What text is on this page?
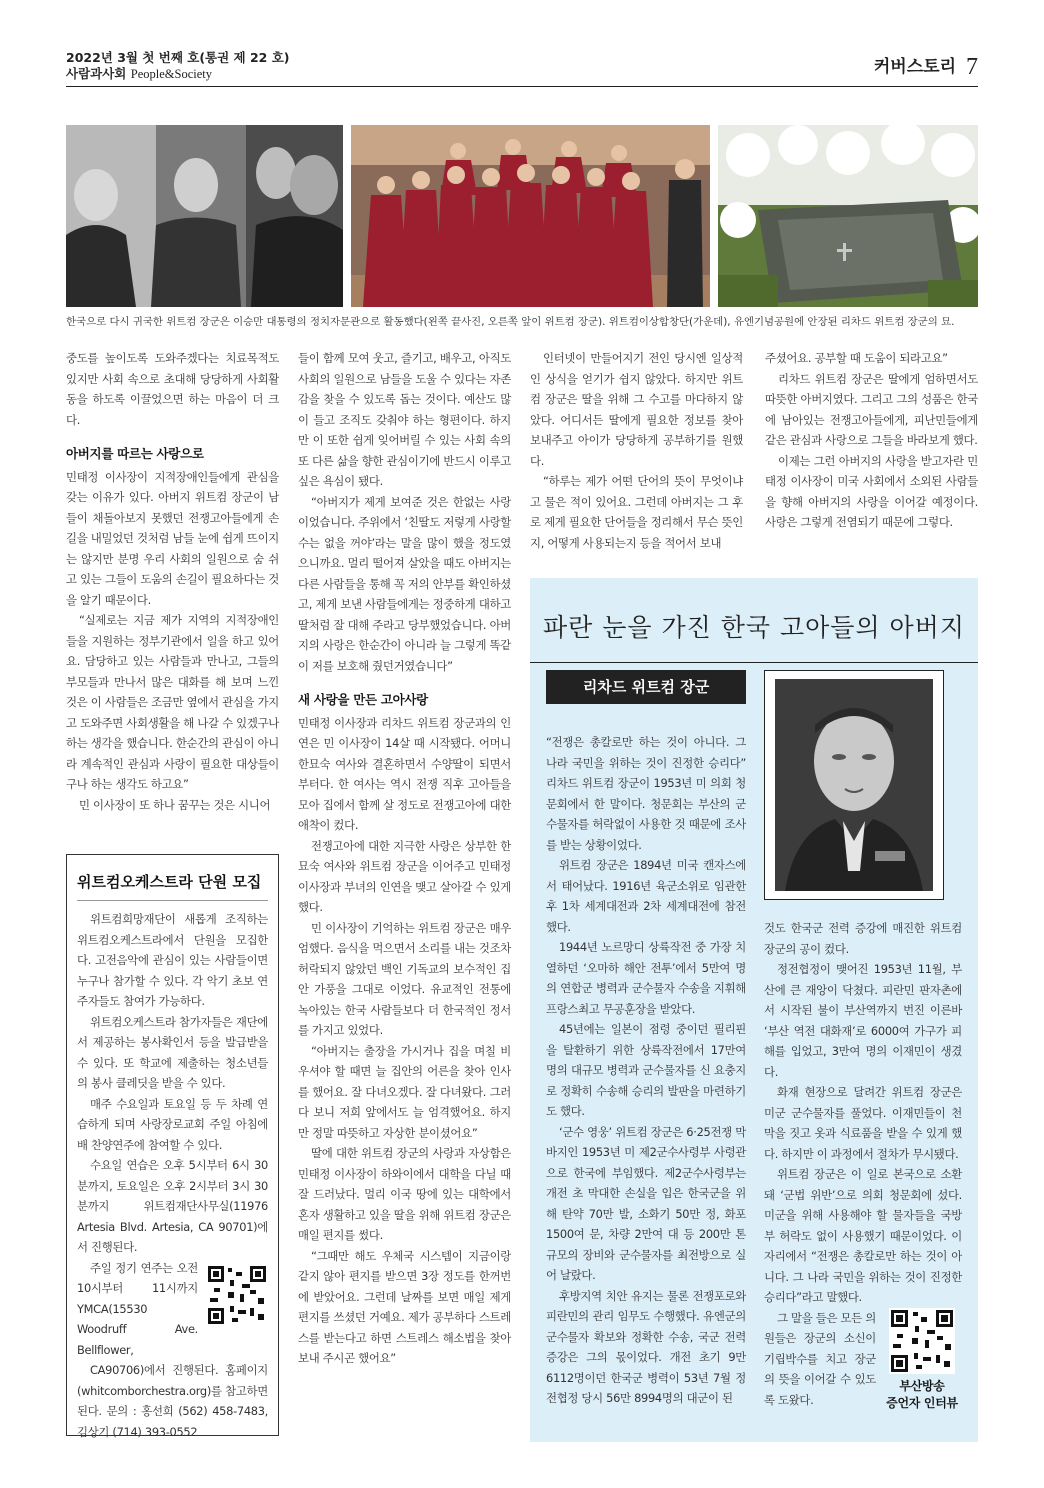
2022년 3월 첫 번째 호(통권 제 22 호)
사람과사회 People&Society	커버스토리 7
한국으로 다시 귀국한 위트컴 장군은 이승만 대통령의 정치자문관으로 활동했다(왼쪽 끝사진, 오른쪽 앞이 위트컴 장군). 위트컴이상합창단(가운데), 유엔기념공원에 안장된 리차드 위트컴 장군의 묘.

중도를 높이도록 도와주겠다는 치료목적도 있지만 사회 속으로 초대해 당당하게 사회활동을 하도록 이끌었으면 하는 마음이 더 크다.

아버지를 따르는 사랑으로

민태정 이사장이 지적장애인들에게 관심을 갖는 이유가 있다. 아버지 위트컴 장군이 남들이 채돌아보지 못했던 전쟁고아들에게 손길을 내밀었던 것처럼 남들 눈에 쉽게 뜨이지는 않지만 분명 우리 사회의 일원으로 숨 쉬고 있는 그들이 도움의 손길이 필요하다는 것을 알기 때문이다.

“실제로는 지금 제가 지역의 지적장애인들을 지원하는 정부기관에서 일을 하고 있어요. 담당하고 있는 사람들과 만나고, 그들의 부모들과 만나서 많은 대화를 해 보며 느낀 것은 이 사람들은 조금만 옆에서 관심을 가지고 도와주면 사회생활을 해 나갈 수 있겠구나 하는 생각을 했습니다. 한순간의 관심이 아니라 계속적인 관심과 사랑이 필요한 대상들이구나 하는 생각도 하고요”

민 이사장이 또 하나 꿈꾸는 것은 시니어

위트컴오케스트라 단원 모집

위트컴희망재단이 새롭게 조직하는 위트컴오케스트라에서 단원을 모집한다. 고전음악에 관심이 있는 사람들이면 누구나 참가할 수 있다. 각 악기 초보 연주자들도 참여가 가능하다.

위트컴오케스트라 참가자들은 재단에서 제공하는 봉사확인서 등을 발급받을 수 있다. 또 학교에 제출하는 청소년들의 봉사 클레딧을 받을 수 있다.

매주 수요일과 토요일 등 두 차례 연습하게 되며 사랑장로교회 주일 아침에 배 찬양연주에 참여할 수 있다.

수요일 연습은 오후 5시부터 6시 30분까지, 토요일은 오후 2시부터 3시 30분까지 위트컴재단사무실(11976 Artesia Blvd. Artesia, CA 90701)에서 진행된다.

주일 정기 연주는 오전 10시부터 11시까지 YMCA(15530 Woodruff Ave. Bellflower,

CA90706)에서 진행된다. 홈페이지(whitcomborchestra.org)를 참고하면 된다. 문의 : 홍선희 (562) 458-7483, 김상기 (714) 393-0552

들이 함께 모여 웃고, 즐기고, 배우고, 아직도 사회의 일원으로 남들을 도울 수 있다는 자존감을 찾을 수 있도록 돕는 것이다. 예산도 많이 들고 조직도 갖춰야 하는 형편이다. 하지만 이 또한 쉽게 잊어버릴 수 있는 사회 속의 또 다른 삶을 향한 관심이기에 반드시 이루고 싶은 욕심이 됐다.

“아버지가 제게 보여준 것은 한없는 사랑이었습니다. 주위에서 ‘친딸도 저렇게 사랑할 수는 없을 꺼야’라는 말을 많이 했을 정도였으니까요. 멀리 떨어져 살았을 때도 아버지는 다른 사람들을 통해 꼭 저의 안부를 확인하셨고, 제게 보낸 사람들에게는 정중하게 대하고 딸처럼 잘 대해 주라고 당부했었습니다. 아버지의 사랑은 한순간이 아니라 늘 그렇게 똑같이 저를 보호해 줬던거였습니다”

새 사랑을 만든 고아사랑

민태정 이사장과 리차드 위트컴 장군과의 인연은 민 이사장이 14살 때 시작됐다. 어머니 한묘숙 여사와 결혼하면서 수양딸이 되면서부터다. 한 여사는 역시 전쟁 직후 고아들을 모아 집에서 함께 살 정도로 전쟁고아에 대한 애착이 컸다.

전쟁고아에 대한 지극한 사랑은 상부한 한묘숙 여사와 위트컴 장군을 이어주고 민태정 이사장과 부녀의 인연을 맺고 살아갈 수 있게 했다.

민 이사장이 기억하는 위트컴 장군은 매우 엄했다. 음식을 먹으면서 소리를 내는 것조차 허락되지 않았던 백인 기독교의 보수적인 집안 가풍을 그대로 이었다. 유교적인 전통에 녹아있는 한국 사람들보다 더 한국적인 정서를 가지고 있었다.

“아버지는 출장을 가시거나 집을 며칠 비우셔야 할 때면 늘 집안의 어른을 찾아 인사를 했어요. 잘 다녀오겠다. 잘 다녀왔다. 그러다 보니 저희 앞에서도 늘 엄격했어요. 하지만 정말 따뜻하고 자상한 분이셨어요”

딸에 대한 위트컴 장군의 사랑과 자상함은 민태정 이사장이 하와이에서 대학을 다닐 때 잘 드러났다. 멀리 이국 땅에 있는 대학에서 혼자 생활하고 있을 딸을 위해 위트컴 장군은 매일 편지를 썼다.

“그때만 해도 우체국 시스템이 지금이랑 같지 않아 편지를 받으면 3장 정도를 한꺼번에 받았어요. 그런데 날짜를 보면 매일 제게 편지를 쓰셨던 거예요. 제가 공부하다 스트레스를 받는다고 하면 스트레스 해소법을 찾아보내 주시곤 했어요”

인터넷이 만들어지기 전인 당시엔 일상적인 상식을 얻기가 쉽지 않았다. 하지만 위트컴 장군은 딸을 위해 그 수고를 마다하지 않았다. 어디서든 딸에게 필요한 정보를 찾아 보내주고 아이가 당당하게 공부하기를 원했다.

“하루는 제가 어떤 단어의 뜻이 무엇이냐고 물은 적이 있어요. 그런데 아버지는 그 후로 제게 필요한 단어들을 정리해서 무슨 뜻인지, 어떻게 사용되는지 등을 적어서 보내

주셨어요. 공부할 때 도움이 되라고요”

리차드 위트컴 장군은 딸에게 엄하면서도 따뜻한 아버지였다. 그리고 그의 성품은 한국에 남아있는 전쟁고아들에게, 피난민들에게 같은 관심과 사랑으로 그들을 바라보게 했다.

이제는 그런 아버지의 사랑을 받고자란 민태정 이사장이 미국 사회에서 소외된 사람들을 향해 아버지의 사랑을 이어갈 예정이다. 사랑은 그렇게 전염되기 때문에 그렇다.

파란 눈을 가진 한국 고아들의 아버지
리차드 위트컴 장군

“전쟁은 총칼로만 하는 것이 아니다. 그 나라 국민을 위하는 것이 진정한 승리다” 리차드 위트컴 장군이 1953년 미 의회 청문회에서 한 말이다. 청문회는 부산의 군수물자를 허락없이 사용한 것 때문에 조사를 받는 상황이었다.

위트컴 장군은 1894년 미국 캔자스에서 태어났다. 1916년 육군소위로 임관한 후 1차 세계대전과 2차 세계대전에 참전했다.

1944년 노르망디 상륙작전 중 가장 치열하던 ‘오마하 해안 전투’에서 5만여 명의 연합군 병력과 군수물자 수송을 지휘해 프랑스최고 무공훈장을 받았다.

45년에는 일본이 점령 중이던 필리핀을 탈환하기 위한 상륙작전에서 17만여 명의 대규모 병력과 군수물자를 신 요충지로 정확히 수송해 승리의 발판을 마련하기도 했다.

‘군수 영웅’ 위트컴 장군은 6·25전쟁 막바지인 1953년 미 제2군수사령부 사령관으로 한국에 부임했다. 제2군수사령부는 개전 초 막대한 손실을 입은 한국군을 위해 탄약 70만 발, 소화기 50만 정, 화포 1500여 문, 차량 2만여 대 등 200만 톤 규모의 장비와 군수물자를 최전방으로 실어 날랐다.

후방지역 치안 유지는 물론 전쟁포로와 피란민의 관리 임무도 수행했다. 유엔군의 군수물자 확보와 정확한 수송, 국군 전력 증강은 그의 몫이었다. 개전 초기 9만 6112명이던 한국군 병력이 53년 7월 정전협정 당시 56만 8994명의 대군이 된

것도 한국군 전력 증강에 매진한 위트컴 장군의 공이 컸다.

정전협정이 맺어진 1953년 11월, 부산에 큰 재앙이 닥쳤다. 피란민 판자촌에서 시작된 불이 부산역까지 번진 이른바 ‘부산 역전 대화재’로 6000여 가구가 피해를 입었고, 3만여 명의 이재민이 생겼다.

화재 현장으로 달려간 위트컴 장군은 미군 군수물자를 풀었다. 이재민들이 천막을 짓고 옷과 식료품을 받을 수 있게 했다. 하지만 이 과정에서 절차가 무시됐다.

위트컴 장군은 이 일로 본국으로 소환돼 ‘군법 위반’으로 의회 청문회에 섰다. 미군을 위해 사용해야 할 물자들을 국방부 허락도 없이 사용했기 때문이었다. 이 자리에서 “전쟁은 총칼로만 하는 것이 아니다. 그 나라 국민을 위하는 것이 진정한 승리다”라고 말했다.

그 말을 들은 모든 의원들은 장군의 소신이 기립박수를 치고 장군의 뜻을 이어갈 수 있도록 도왔다.

부산방송
증언자 인터뷰
